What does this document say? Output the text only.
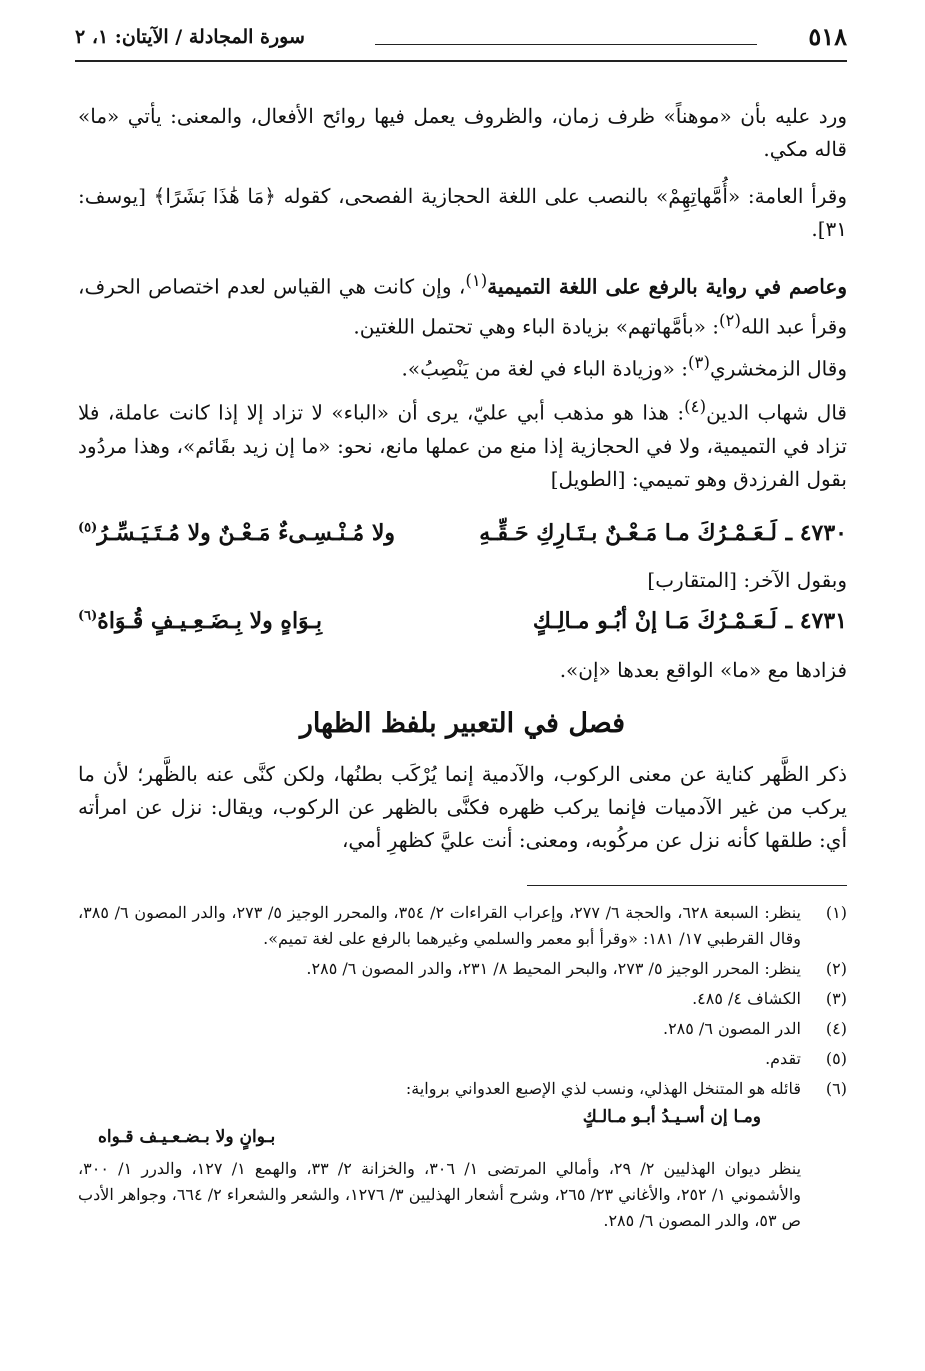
٥١٨
سورة المجادلة / الآيتان: ١، ٢

ورد عليه بأن «موهناً» ظرف زمان، والظروف يعمل فيها روائح الأفعال، والمعنى: يأتي «ما» قاله مكي.

وقرأ العامة: «أُمَّهاتِهِمْ» بالنصب على اللغة الحجازية الفصحى، كقوله ﴿مَا هَٰذَا بَشَرًا﴾ [يوسف: ٣١].

وعاصم في رواية بالرفع على اللغة التميمية$^{(١)}$، وإن كانت هي القياس لعدم اختصاص الحرف، وقرأ عبد الله$^{(٢)}$: «بأمَّهاتهم» بزيادة الباء وهي تحتمل اللغتين.

وقال الزمخشري$^{(٣)}$: «وزيادة الباء في لغة من يَنْصِبُ».

قال شهاب الدين$^{(٤)}$: هذا هو مذهب أبي عليّ، يرى أن «الباء» لا تزاد إلا إذا كانت عاملة، فلا تزاد في التميمية، ولا في الحجازية إذا منع من عملها مانع، نحو: «ما إن زيد بقَائم»، وهذا مردُود بقول الفرزدق وهو تميمي: [الطويل]

٤٧٣٠ ـ
لَـعَـمْـرُكَ مـا مَـعْـنٌ بـتَـارِكِ حَـقِّـهِ
ولا مُـنْـسِـىءٌ مَـعْـنٌ ولا مُـتَـيَـسِّـرُ$^{(٥)}$

وبقول الآخر: [المتقارب]

٤٧٣١ ـ
لَـعَـمْـرُكَ مَـا إنْ أبُـو مـالِـكٍ
بِـوَاهٍ ولا بِـضَـعِـيـفٍ قُـوَاهُ$^{(٦)}$

فزادها مع «ما» الواقع بعدها «إن».

فصل في التعبير بلفظ الظهار

ذكر الظَّهر كناية عن معنى الركوب، والآدمية إنما يُرْكَب بطنُها، ولكن كنَّى عنه بالظَّهر؛ لأن ما يركب من غير الآدميات فإنما يركب ظهره فكنَّى بالظهر عن الركوب، ويقال: نزل عن امرأته أي: طلقها كأنه نزل عن مركُوبه، ومعنى: أنت عليَّ كظهرِ أمي،

(١)
ينظر: السبعة ٦٢٨، والحجة ٦/ ٢٧٧، وإعراب القراءات ٢/ ٣٥٤، والمحرر الوجيز ٥/ ٢٧٣، والدر المصون ٦/ ٣٨٥، وقال القرطبي ١٧/ ١٨١: «وقرأ أبو معمر والسلمي وغيرهما بالرفع على لغة تميم».
(٢)
ينظر: المحرر الوجيز ٥/ ٢٧٣، والبحر المحيط ٨/ ٢٣١، والدر المصون ٦/ ٢٨٥.
(٣)
الكشاف ٤/ ٤٨٥.
(٤)
الدر المصون ٦/ ٢٨٥.
(٥)
تقدم.
(٦)
قائله هو المتنخل الهذلي، ونسب لذي الإصبع العدواني برواية:
ومـا إن أسـيـدُ أبـو مـالـكٍ
بـوانٍ ولا بـضـعـيـف قـواه
ينظر ديوان الهذليين ٢/ ٢٩، وأمالي المرتضى ١/ ٣٠٦، والخزانة ٢/ ٣٣، والهمع ١/ ١٢٧، والدرر ١/ ٣٠٠، والأشموني ١/ ٢٥٢، والأغاني ٢٣/ ٢٦٥، وشرح أشعار الهذليين ٣/ ١٢٧٦، والشعر والشعراء ٢/ ٦٦٤، وجواهر الأدب ص ٥٣، والدر المصون ٦/ ٢٨٥.
